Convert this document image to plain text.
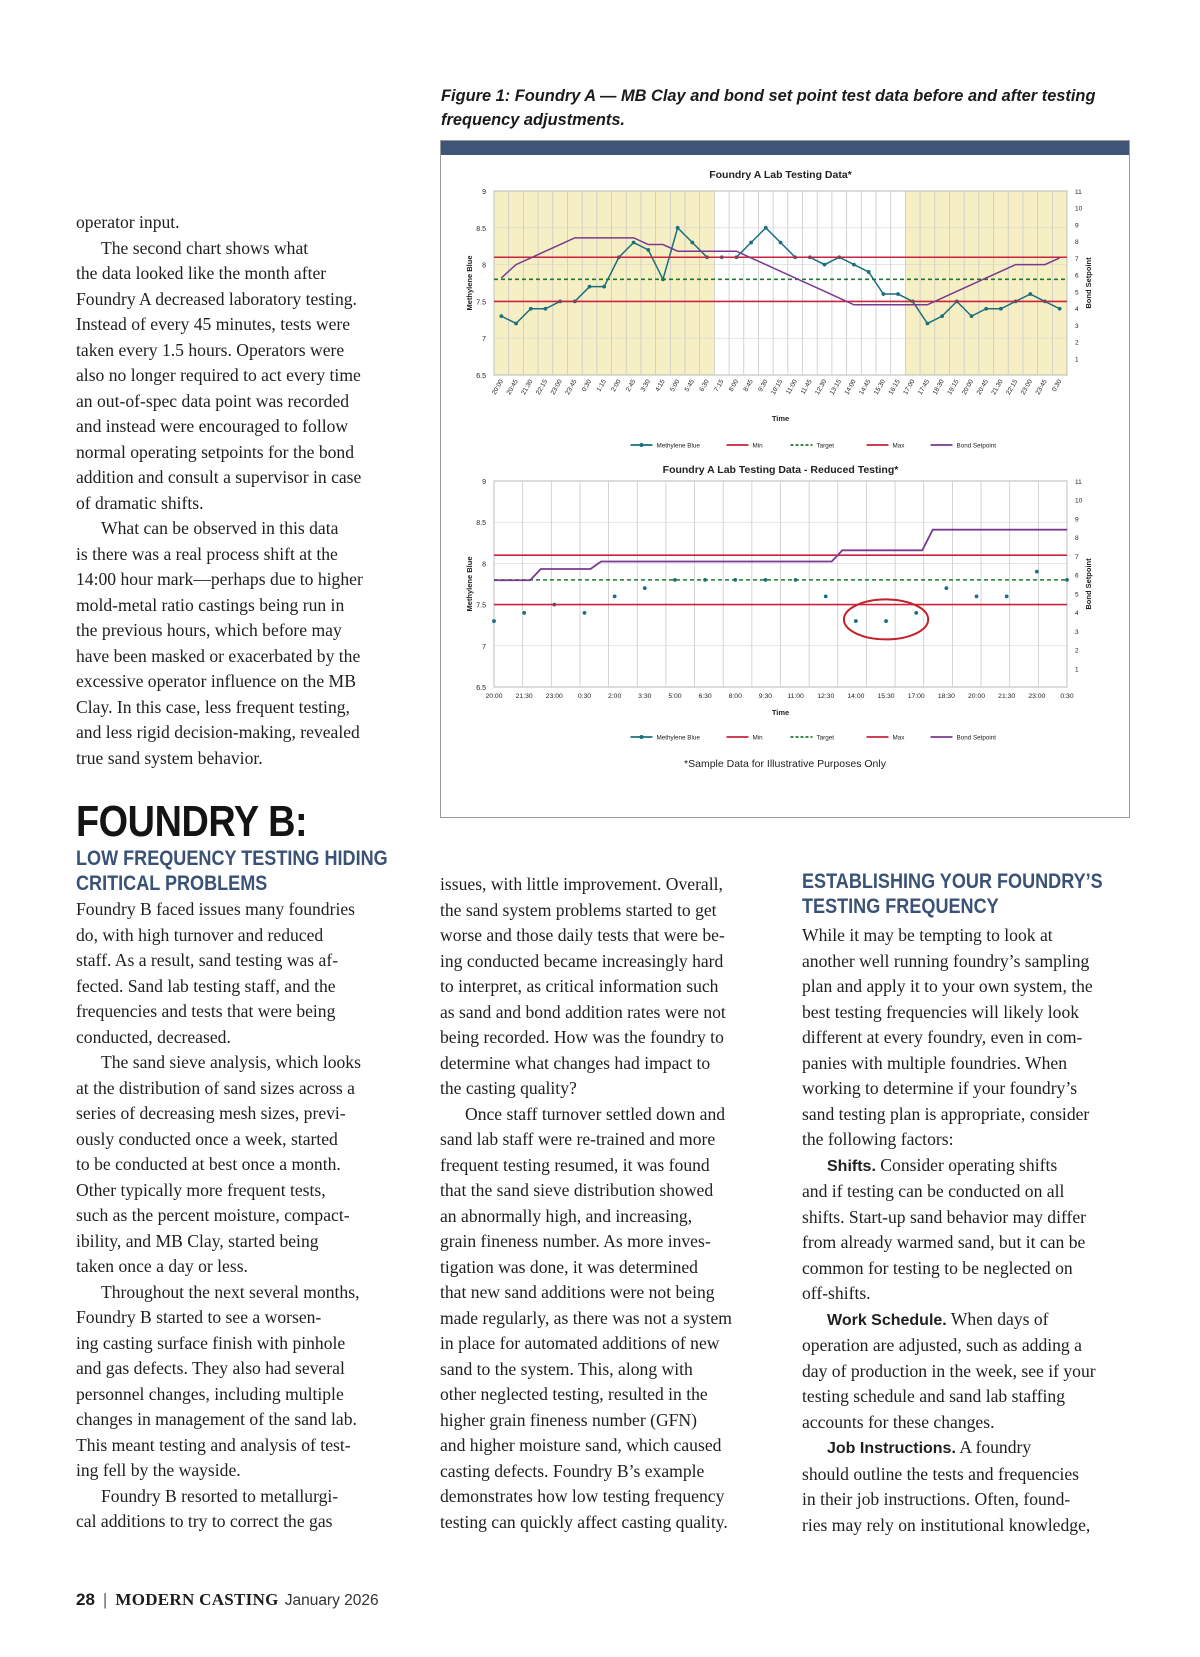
Figure 1: Foundry A — MB Clay and bond set point test data before and after testing
frequency adjustments.
Foundry A Lab Testing Data*
6.5
7
7.5
8
8.5
9
1
2
3
4
5
6
7
8
9
10
11
Methylene Blue	Bond Setpoint
20:00 20:45 21:30 22:15 23:00 23:45 0:30 1:15 2:00 2:45 3:30 4:15 5:00 5:45 6:30 7:15 8:00 8:45 9:30 10:15 11:00 11:45 12:30 13:15 14:00 14:45 15:30 16:15 17:00 17:45 18:30 19:15 20:00 20:45 21:30 22:15 23:00 23:45 0:30
Time
Methylene Blue	Min	Target	Max	Bond Setpoint
Foundry A Lab Testing Data - Reduced Testing*
6.5
7
7.5
8
8.5
9
1
2
3
4
5
6
7
8
9
10
11
Methylene Blue	Bond Setpoint
20:00 21:30 23:00 0:30 2:00 3:30 5:00 6:30 8:00 9:30 11:00 12:30 14:00 15:30 17:00 18:30 20:00 21:30 23:00 0:30
Time
Methylene Blue	Min	Target	Max	Bond Setpoint
*Sample Data for Illustrative Purposes Only

operator input.

The second chart shows what

the data looked like the month after

Foundry A decreased laboratory testing.

Instead of every 45 minutes, tests were

taken every 1.5 hours. Operators were

also no longer required to act every time

an out-of-spec data point was recorded

and instead were encouraged to follow

normal operating setpoints for the bond

addition and consult a supervisor in case

of dramatic shifts.

What can be observed in this data

is there was a real process shift at the

14:00 hour mark—perhaps due to higher

mold-metal ratio castings being run in

the previous hours, which before may

have been masked or exacerbated by the

excessive operator influence on the MB

Clay. In this case, less frequent testing,

and less rigid decision-making, revealed

true sand system behavior.

FOUNDRY B:
LOW FREQUENCY TESTING HIDING
CRITICAL PROBLEMS

Foundry B faced issues many foundries

do, with high turnover and reduced

staff. As a result, sand testing was af-

fected. Sand lab testing staff, and the

frequencies and tests that were being

conducted, decreased.

The sand sieve analysis, which looks

at the distribution of sand sizes across a

series of decreasing mesh sizes, previ-

ously conducted once a week, started

to be conducted at best once a month.

Other typically more frequent tests,

such as the percent moisture, compact-

ibility, and MB Clay, started being

taken once a day or less.

Throughout the next several months,

Foundry B started to see a worsen-

ing casting surface finish with pinhole

and gas defects. They also had several

personnel changes, including multiple

changes in management of the sand lab.

This meant testing and analysis of test-

ing fell by the wayside.

Foundry B resorted to metallurgi-

cal additions to try to correct the gas

issues, with little improvement. Overall,

the sand system problems started to get

worse and those daily tests that were be-

ing conducted became increasingly hard

to interpret, as critical information such

as sand and bond addition rates were not

being recorded. How was the foundry to

determine what changes had impact to

the casting quality?

Once staff turnover settled down and

sand lab staff were re-trained and more

frequent testing resumed, it was found

that the sand sieve distribution showed

an abnormally high, and increasing,

grain fineness number. As more inves-

tigation was done, it was determined

that new sand additions were not being

made regularly, as there was not a system

in place for automated additions of new

sand to the system. This, along with

other neglected testing, resulted in the

higher grain fineness number (GFN)

and higher moisture sand, which caused

casting defects. Foundry B’s example

demonstrates how low testing frequency

testing can quickly affect casting quality.

ESTABLISHING YOUR FOUNDRY’S
TESTING FREQUENCY

While it may be tempting to look at

another well running foundry’s sampling

plan and apply it to your own system, the

best testing frequencies will likely look

different at every foundry, even in com-

panies with multiple foundries. When

working to determine if your foundry’s

sand testing plan is appropriate, consider

the following factors:

Shifts. Consider operating shifts

and if testing can be conducted on all

shifts. Start-up sand behavior may differ

from already warmed sand, but it can be

common for testing to be neglected on

off-shifts.

Work Schedule. When days of

operation are adjusted, such as adding a

day of production in the week, see if your

testing schedule and sand lab staffing

accounts for these changes.

Job Instructions. A foundry

should outline the tests and frequencies

in their job instructions. Often, found-

ries may rely on institutional knowledge,

28 | MODERN CASTING January 2026
